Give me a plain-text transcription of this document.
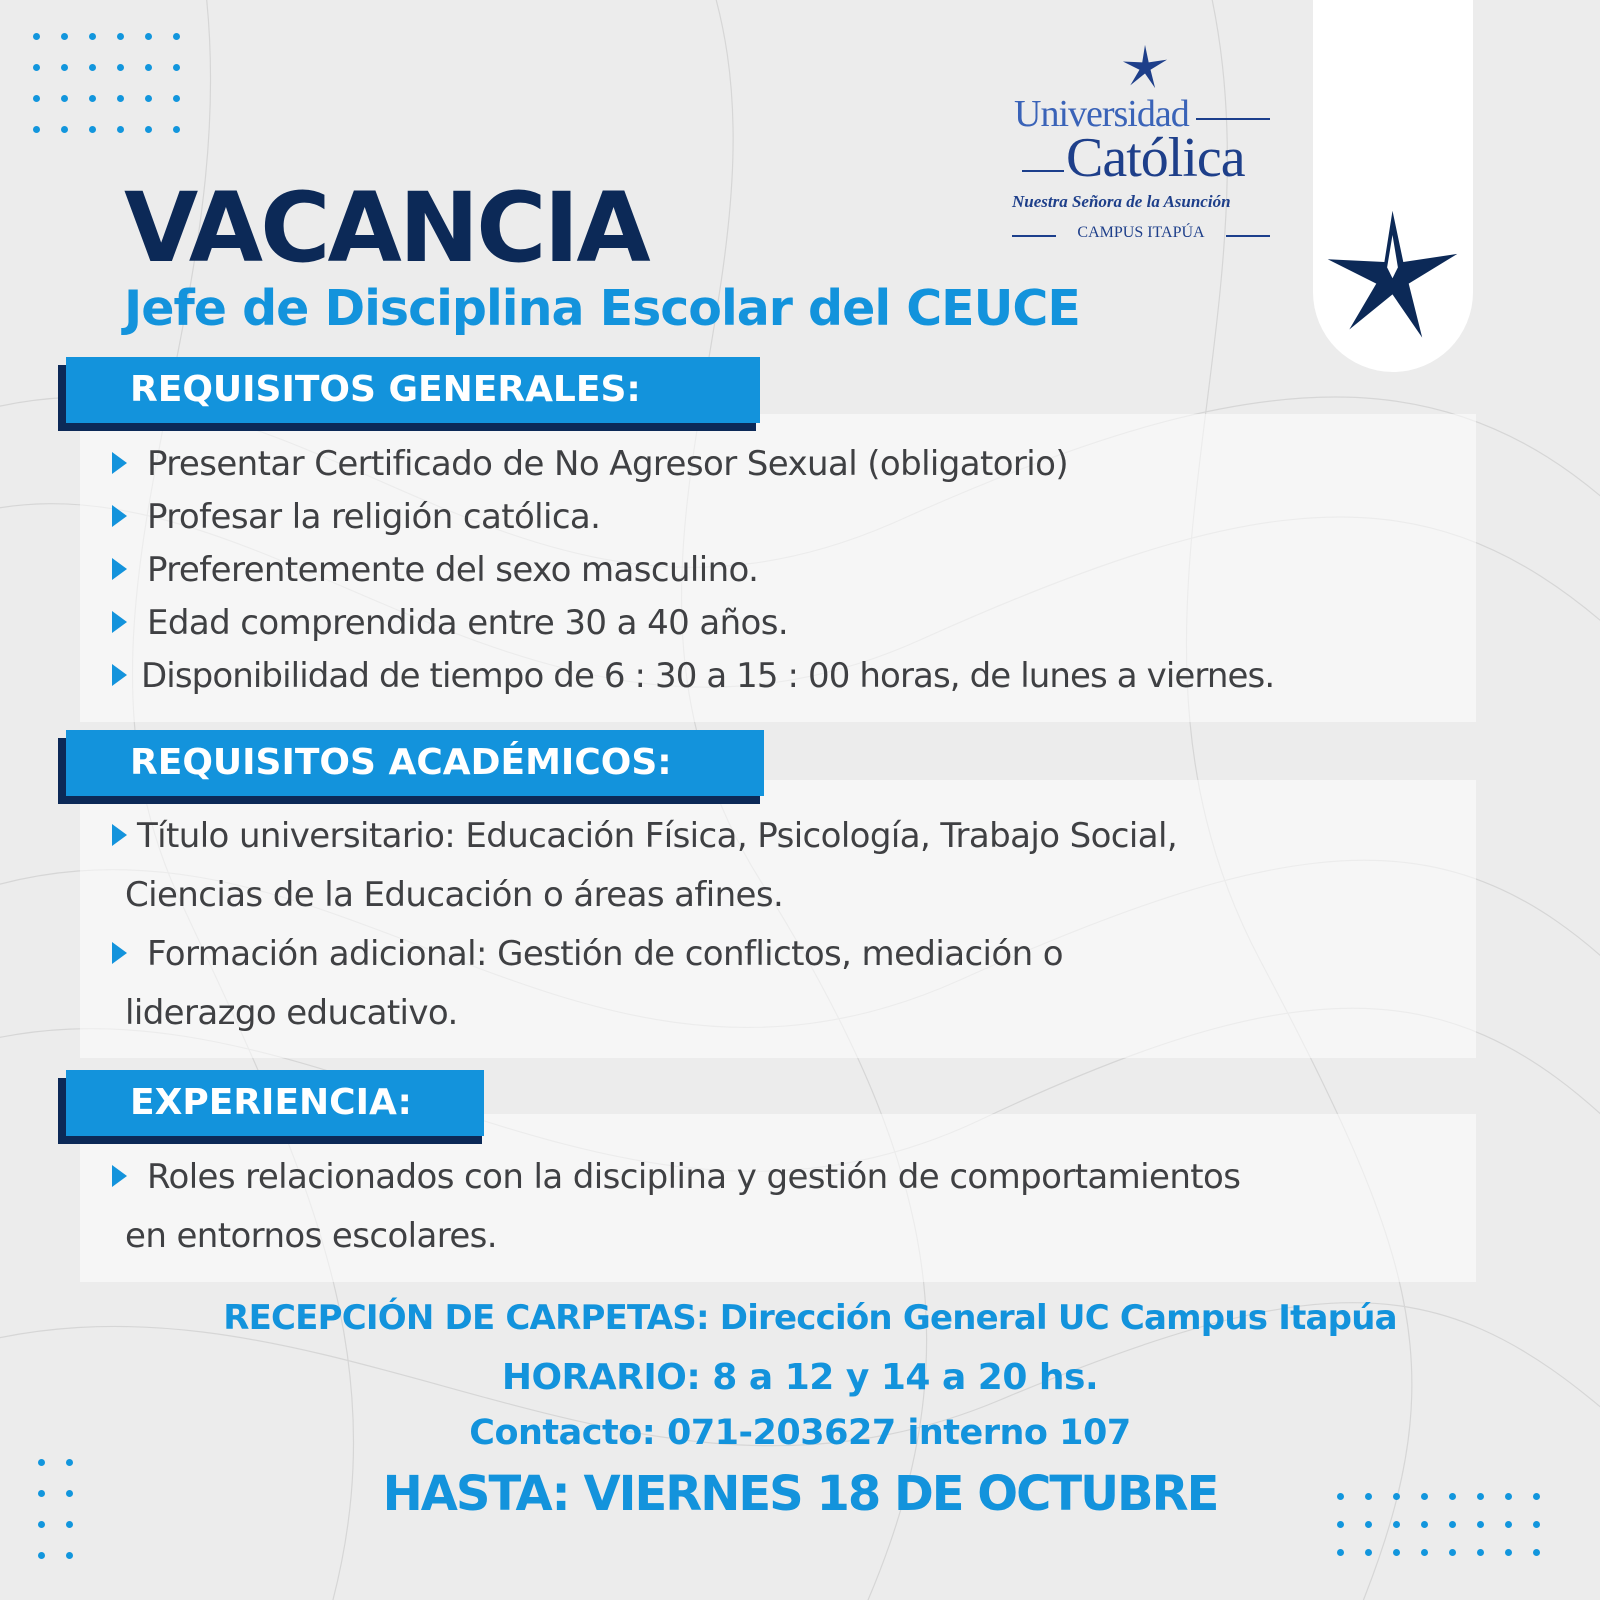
Universidad
Católica
Nuestra Señora de la Asunción
CAMPUS ITAPÚA
VACANCIA
Jefe de Disciplina Escolar del CEUCE
REQUISITOS GENERALES:
Presentar Certificado de No Agresor Sexual (obligatorio)
Profesar la religión católica.
Preferentemente del sexo masculino.
Edad comprendida entre 30 a 40 años.
Disponibilidad de tiempo de 6 : 30 a 15 : 00 horas, de lunes a viernes.
REQUISITOS ACADÉMICOS:
Título universitario: Educación Física, Psicología, Trabajo Social,
Ciencias de la Educación o áreas afines.
Formación adicional: Gestión de conflictos, mediación o
liderazgo educativo.
EXPERIENCIA:
Roles relacionados con la disciplina y gestión de comportamientos
en entornos escolares.
RECEPCIÓN DE CARPETAS: Dirección General UC Campus Itapúa
HORARIO: 8 a 12 y 14 a 20 hs.
Contacto: 071-203627 interno 107
HASTA: VIERNES 18 DE OCTUBRE
